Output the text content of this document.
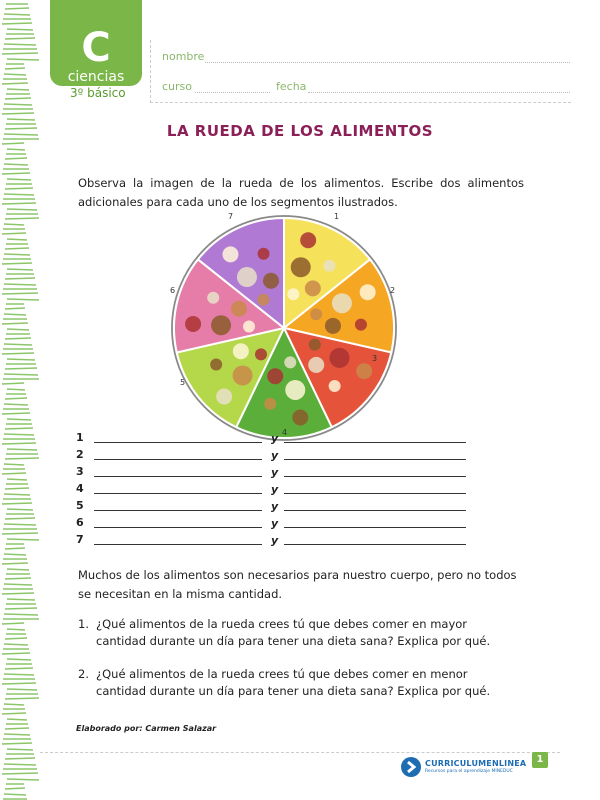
C
ciencias
3º básico
nombre
curso	fecha
LA RUEDA DE LOS ALIMENTOS
Observa la imagen de la rueda de los alimentos. Escribe dos alimentos adicionales para cada uno de los segmentos ilustrados.
7	1
2
3
4
5
6
1	y
2	y
3	y
4	y
5	y
6	y
7	y
Muchos de los alimentos son necesarios para nuestro cuerpo, pero no todos se necesitan en la misma cantidad.
1. ¿Qué alimentos de la rueda crees tú que debes comer en mayor cantidad durante un día para tener una dieta sana? Explica por qué.
2. ¿Qué alimentos de la rueda crees tú que debes comer en menor cantidad durante un día para tener una dieta sana? Explica por qué.
Elaborado por: Carmen Salazar
CURRICULUMENLINEA
Recursos para el aprendizaje MINEDUC
1
